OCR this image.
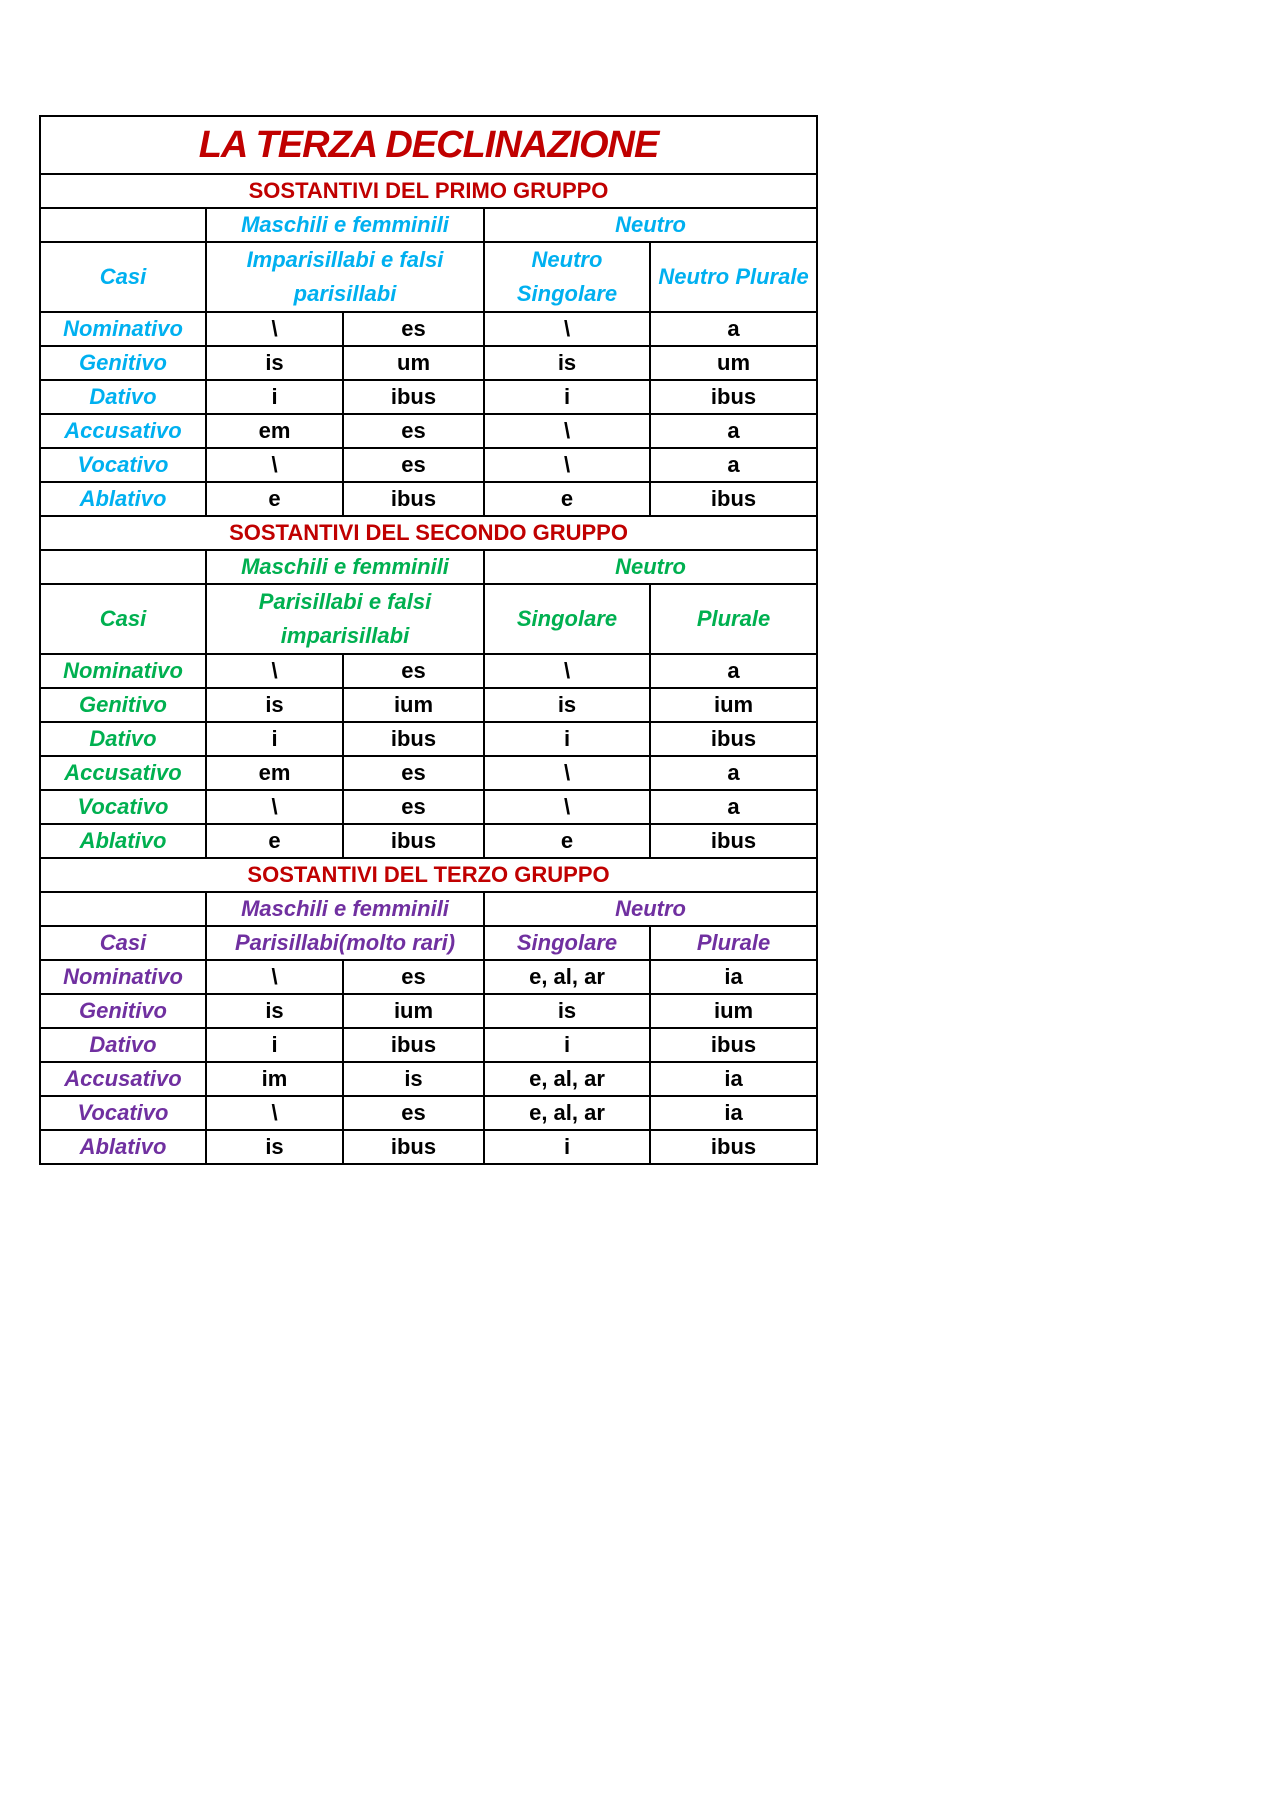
LA TERZA DECLINAZIONE				
SOSTANTIVI DEL PRIMO GRUPPO				
	Maschili e femminili		Neutro	
Casi	Imparisillabi e falsi parisillabi		Neutro Singolare	Neutro Plurale
Nominativo	\	es	\	a
Genitivo	is	um	is	um
Dativo	i	ibus	i	ibus
Accusativo	em	es	\	a
Vocativo	\	es	\	a
Ablativo	e	ibus	e	ibus
SOSTANTIVI DEL SECONDO GRUPPO				
	Maschili e femminili		Neutro	
Casi	Parisillabi e falsi imparisillabi		Singolare	Plurale
Nominativo	\	es	\	a
Genitivo	is	ium	is	ium
Dativo	i	ibus	i	ibus
Accusativo	em	es	\	a
Vocativo	\	es	\	a
Ablativo	e	ibus	e	ibus
SOSTANTIVI DEL TERZO GRUPPO				
	Maschili e femminili		Neutro	
Casi	Parisillabi(molto rari)		Singolare	Plurale
Nominativo	\	es	e, al, ar	ia
Genitivo	is	ium	is	ium
Dativo	i	ibus	i	ibus
Accusativo	im	is	e, al, ar	ia
Vocativo	\	es	e, al, ar	ia
Ablativo	is	ibus	i	ibus
